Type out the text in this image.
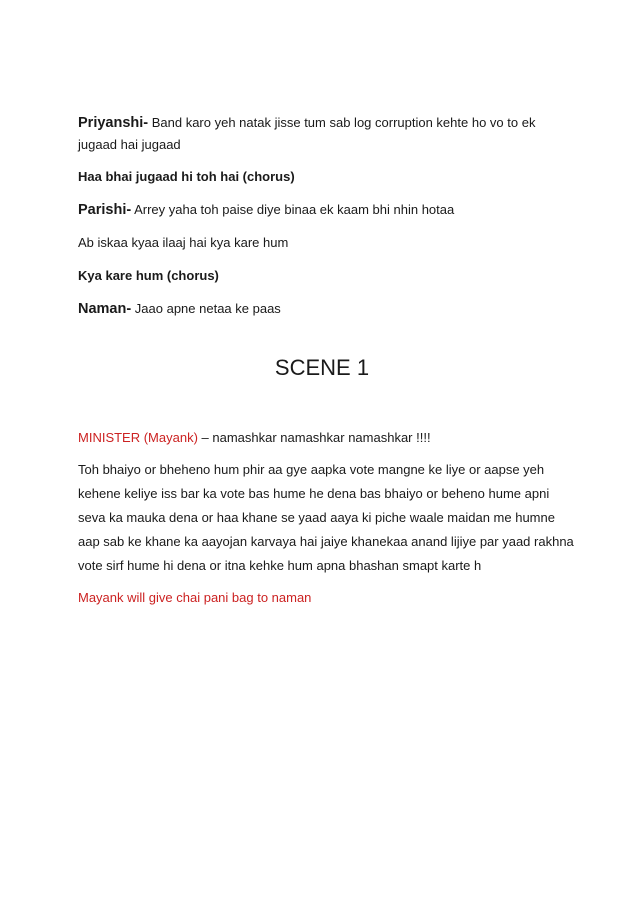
Priyanshi- Band karo yeh natak jisse tum sab log corruption kehte ho vo to ek jugaad hai jugaad

Haa bhai jugaad hi toh hai (chorus)

Parishi- Arrey yaha toh paise diye binaa ek kaam bhi nhin hotaa

Ab iskaa kyaa ilaaj hai kya kare hum

Kya kare hum (chorus)

Naman- Jaao apne netaa ke paas

SCENE 1

MINISTER (Mayank) – namashkar namashkar namashkar !!!!

Toh bhaiyo or bheheno hum phir aa gye aapka vote mangne ke liye or aapse yeh kehene keliye iss bar ka vote bas hume he dena bas bhaiyo or beheno hume apni seva ka mauka dena or haa khane se yaad aaya ki piche waale maidan me humne aap sab ke khane ka aayojan karvaya hai jaiye khanekaa anand lijiye par yaad rakhna vote sirf hume hi dena or itna kehke hum apna bhashan smapt karte h

Mayank will give chai pani bag to naman
